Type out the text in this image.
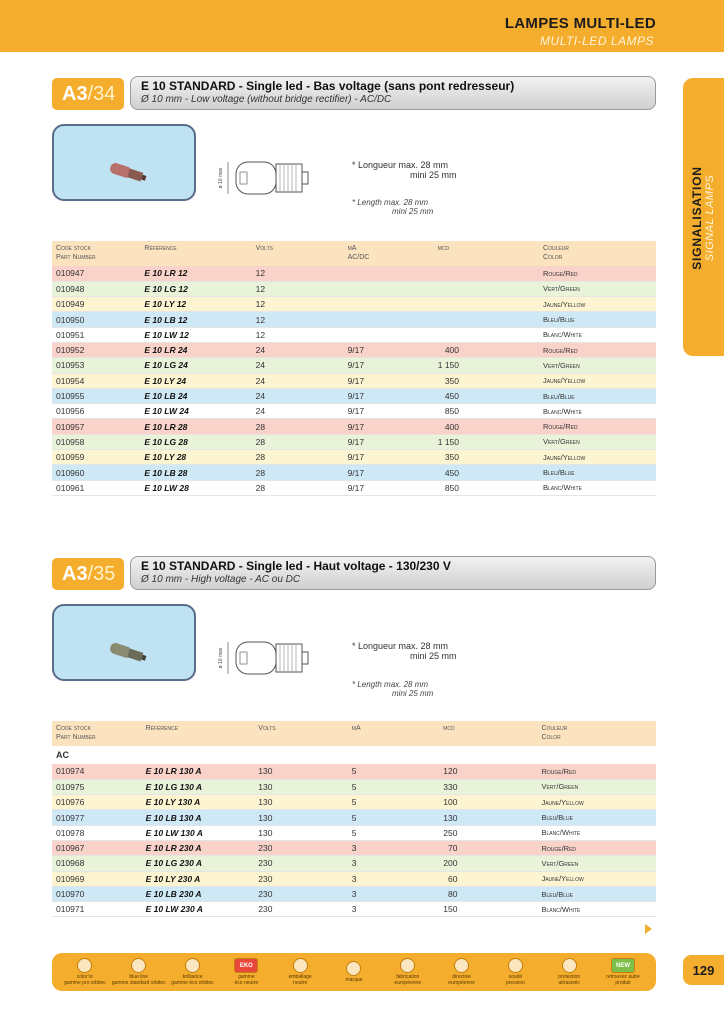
LAMPES MULTI-LED
MULTI-LED LAMPS
SIGNALISATION SIGNAL LAMPS
A3 /34 E 10 STANDARD - Single led - Bas voltage (sans pont redresseur)
Ø 10 mm - Low voltage (without bridge rectifier) - AC/DC
ø 10 max
* Longueur max. 28 mm
mini 25 mm
* Length max. 28 mm
mini 25 mm
Code stock
Part Number	Référence	Volts	mA
AC/DC	mcd	Couleur
Color
010947	E 10 LR 12	12			Rouge/Red
010948	E 10 LG 12	12			Vert/Green
010949	E 10 LY 12	12			Jaune/Yellow
010950	E 10 LB 12	12			Bleu/Blue
010951	E 10 LW 12	12			Blanc/White
010952	E 10 LR 24	24	9/17	400	Rouge/Red
010953	E 10 LG 24	24	9/17	1 150	Vert/Green
010954	E 10 LY 24	24	9/17	350	Jaune/Yellow
010955	E 10 LB 24	24	9/17	450	Bleu/Blue
010956	E 10 LW 24	24	9/17	850	Blanc/White
010957	E 10 LR 28	28	9/17	400	Rouge/Red
010958	E 10 LG 28	28	9/17	1 150	Vert/Green
010959	E 10 LY 28	28	9/17	350	Jaune/Yellow
010960	E 10 LB 28	28	9/17	450	Bleu/Blue
010961	E 10 LW 28	28	9/17	850	Blanc/White
A3 /35 E 10 STANDARD - Single led - Haut voltage - 130/230 V
Ø 10 mm - High voltage - AC ou DC
ø 10 max
* Longueur max. 28 mm
mini 25 mm
* Length max. 28 mm
mini 25 mm
Code stock
Part Number	Référence	Volts	mA	mcd	Couleur
Color
AC					
010974	E 10 LR 130 A	130	5	120	Rouge/Red
010975	E 10 LG 130 A	130	5	330	Vert/Green
010976	E 10 LY 130 A	130	5	100	Jaune/Yellow
010977	E 10 LB 130 A	130	5	130	Bleu/Blue
010978	E 10 LW 130 A	130	5	250	Blanc/White
010967	E 10 LR 230 A	230	3	70	Rouge/Red
010968	E 10 LG 230 A	230	3	200	Vert/Green
010969	E 10 LY 230 A	230	3	60	Jaune/Yellow
010970	E 10 LB 230 A	230	3	80	Bleu/Blue
010971	E 10 LW 230 A	230	3	150	Blanc/White
color'or
gamme pro orbitec
blue line
gamme standard orbitec
brilliance
gamme éco orbitec
EKO
gamme
éco neutre
emballage
neutre	marque	fabrication
européenne
directive
européenne
soudé
pression
protection
ultrasonic
NEW
retrouvez autre
produit
129
